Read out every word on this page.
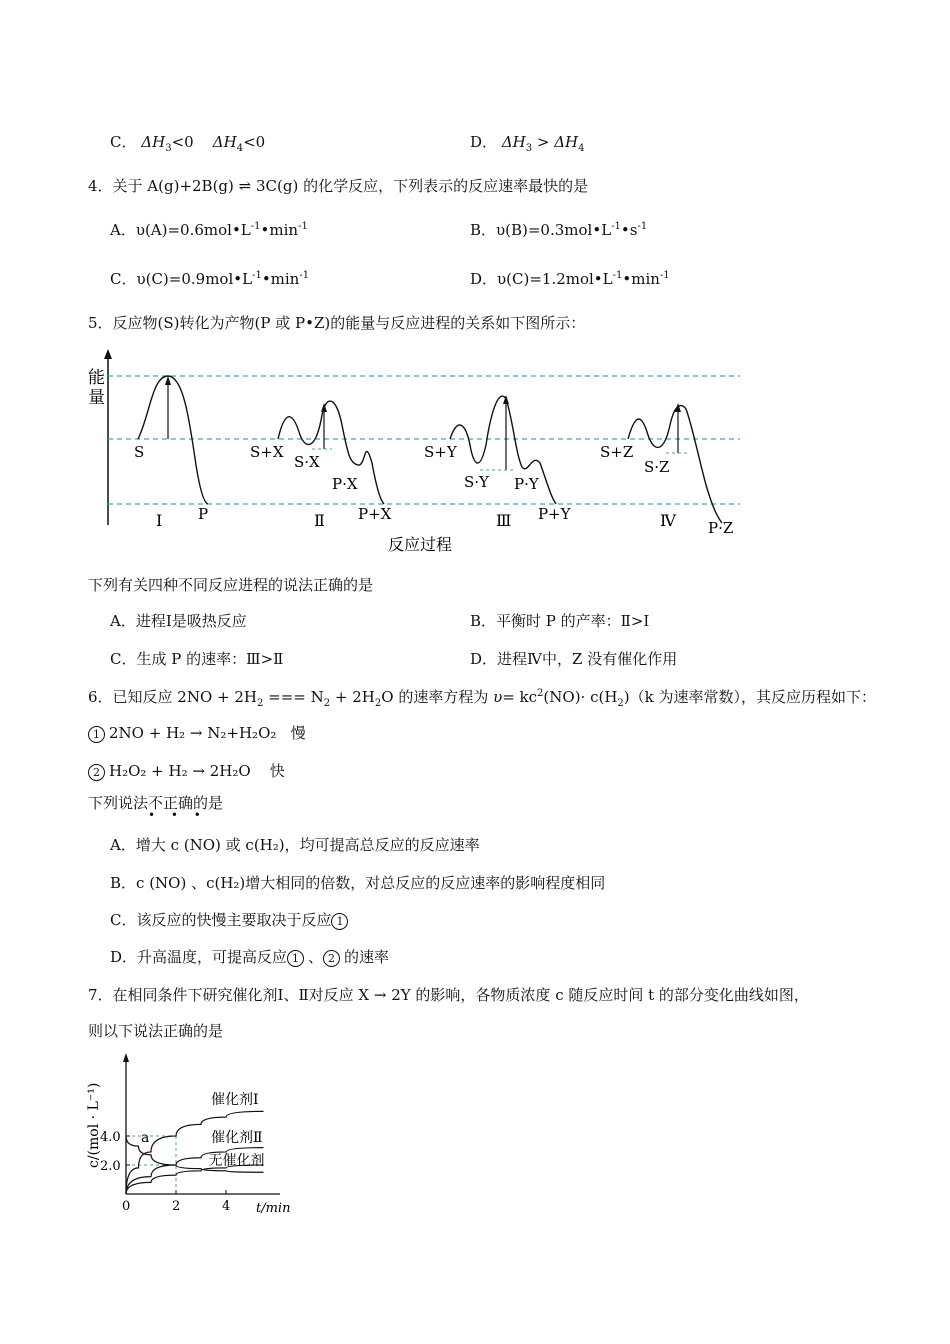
C． $\Delta H_3<0$ $\Delta H_4<0$	D． $\Delta H_3 > \Delta H_4$
4．关于 A(g)+2B(g) ⇌ 3C(g) 的化学反应，下列表示的反应速率最快的是
A．$\upsilon(A)=0.6mol•L^{-1}•\min^{-1}$	B．$\upsilon(B)=0.3mol•L^{-1}•s^{-1}$
C．$\upsilon(C)=0.9mol•L^{-1}•\min^{-1}$	D．$\upsilon(C)=1.2mol•L^{-1}•\min^{-1}$
5．反应物(S)转化为产物(P 或 P•Z)的能量与反应进程的关系如下图所示：
能
量
能量
S
P
Ⅰ
S+X
S·X
P·X
P+X
Ⅱ
S+Y
S·Y P·Y
P+Y
Ⅲ
S+Z
S·Z
Ⅳ P·Z
反应过程
下列有关四种不同反应进程的说法正确的是
A．进程Ⅰ是吸热反应	B．平衡时 P 的产率：Ⅱ>Ⅰ
C．生成 P 的速率：Ⅲ>Ⅱ	D．进程Ⅳ中，Z 没有催化作用
6．已知反应 $2NO + 2H_2$ === $N_2 + 2H_2O$ 的速率方程为 $\upsilon= kc^2(NO)\cdot c(H_2)(k$ 为速率常数），其反应历程如下：
1 2NO + H₂ → N₂+H₂O₂ 慢
2 H₂O₂ + H₂ → 2H₂O 快
下列说法不正确的是
• • •
A．增大 c (NO) 或 c(H₂)，均可提高总反应的反应速率
B．c (NO) 、c(H₂)增大相同的倍数，对总反应的反应速率的影响程度相同
C．该反应的快慢主要取决于反应 1
D．升高温度，可提高反应 1 、 2 的速率
7．在相同条件下研究催化剂Ⅰ、Ⅱ对反应 X → 2Y 的影响，各物质浓度 c 随反应时间 t 的部分变化曲线如图，
则以下说法正确的是
0	2	4
2.0
4.0
催化剂Ⅰ
催化剂Ⅱ
无催化剂
a
c/(mol · L⁻¹)
t/min
